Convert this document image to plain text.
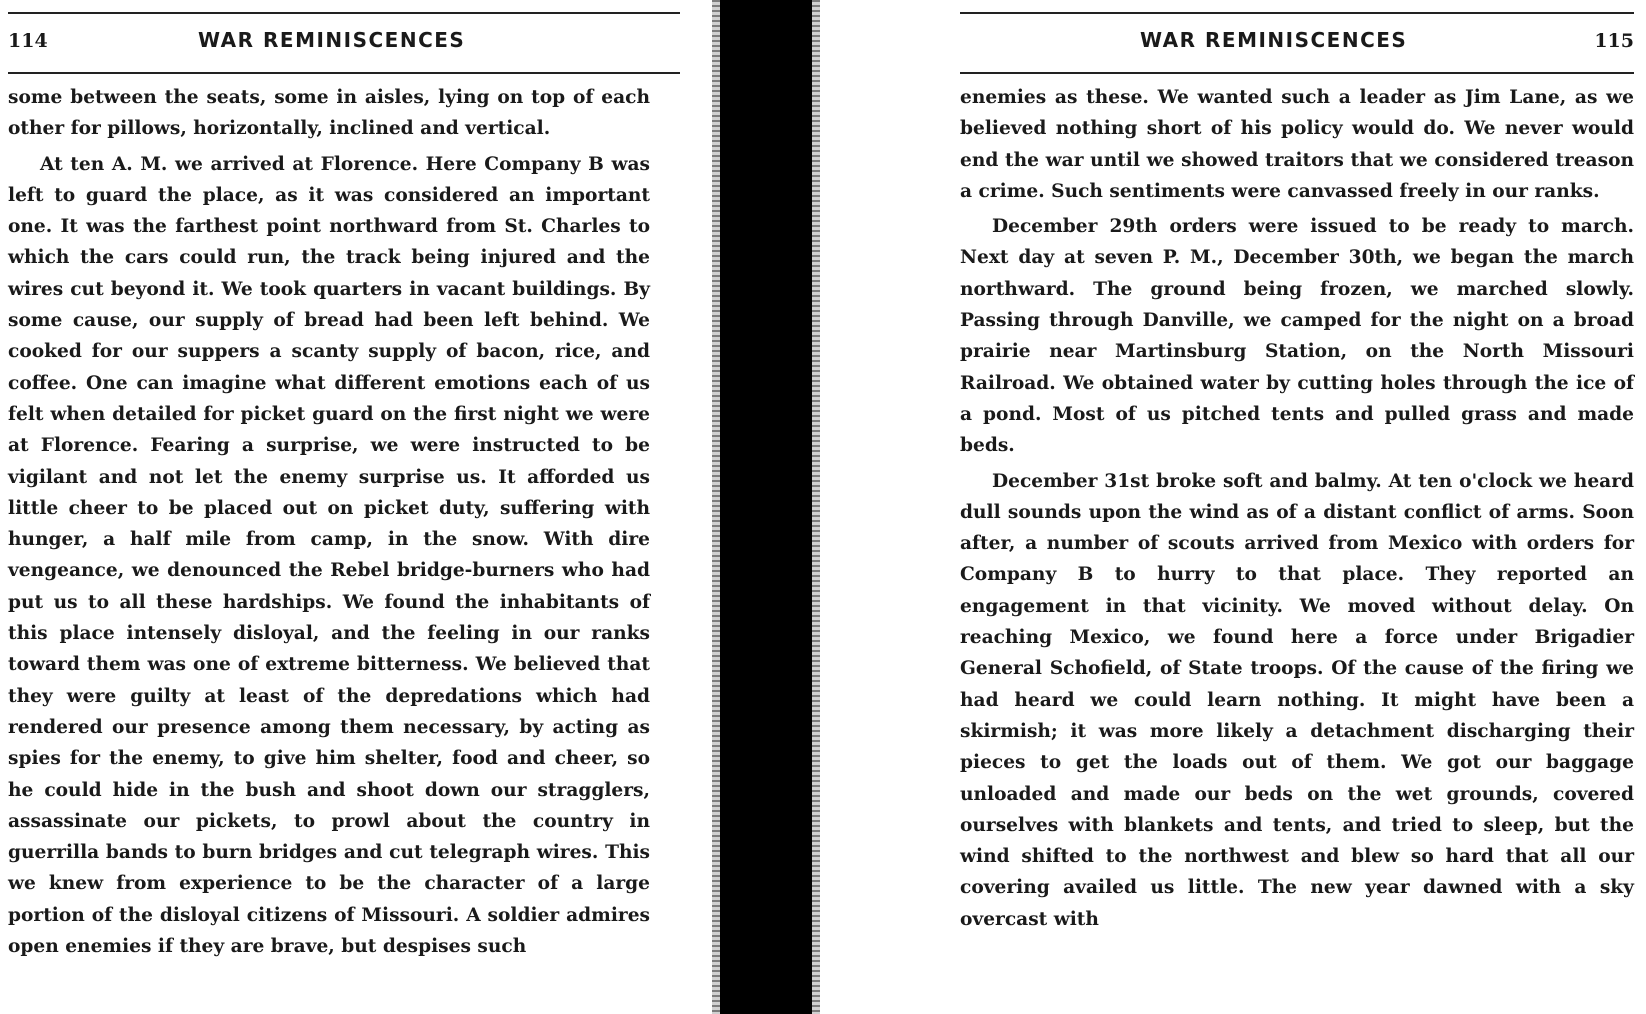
114	WAR REMINISCENCES

some between the seats, some in aisles, lying on top of each other for pillows, horizontally, inclined and vertical.

At ten A. M. we arrived at Florence. Here Company B was left to guard the place, as it was considered an important one. It was the farthest point northward from St. Charles to which the cars could run, the track being injured and the wires cut beyond it. We took quarters in vacant buildings. By some cause, our supply of bread had been left behind. We cooked for our suppers a scanty supply of bacon, rice, and coffee. One can imagine what different emotions each of us felt when detailed for picket guard on the first night we were at Florence. Fearing a surprise, we were instructed to be vigilant and not let the enemy surprise us. It afforded us little cheer to be placed out on picket duty, suffering with hunger, a half mile from camp, in the snow. With dire vengeance, we denounced the Rebel bridge-burners who had put us to all these hardships. We found the inhabitants of this place intensely disloyal, and the feeling in our ranks toward them was one of extreme bitterness. We believed that they were guilty at least of the depredations which had rendered our presence among them necessary, by acting as spies for the enemy, to give him shelter, food and cheer, so he could hide in the bush and shoot down our stragglers, assassinate our pickets, to prowl about the country in guerrilla bands to burn bridges and cut telegraph wires. This we knew from experience to be the character of a large portion of the disloyal citizens of Missouri. A soldier admires open enemies if they are brave, but despises such

WAR REMINISCENCES	115

enemies as these. We wanted such a leader as Jim Lane, as we believed nothing short of his policy would do. We never would end the war until we showed traitors that we considered treason a crime. Such sentiments were canvassed freely in our ranks.

December 29th orders were issued to be ready to march. Next day at seven P. M., December 30th, we began the march northward. The ground being frozen, we marched slowly. Passing through Danville, we camped for the night on a broad prairie near Martinsburg Station, on the North Missouri Railroad. We obtained water by cutting holes through the ice of a pond. Most of us pitched tents and pulled grass and made beds.

December 31st broke soft and balmy. At ten o'clock we heard dull sounds upon the wind as of a distant conflict of arms. Soon after, a number of scouts arrived from Mexico with orders for Company B to hurry to that place. They reported an engagement in that vicinity. We moved without delay. On reaching Mexico, we found here a force under Brigadier General Schofield, of State troops. Of the cause of the firing we had heard we could learn nothing. It might have been a skirmish; it was more likely a detachment discharging their pieces to get the loads out of them. We got our baggage unloaded and made our beds on the wet grounds, covered ourselves with blankets and tents, and tried to sleep, but the wind shifted to the northwest and blew so hard that all our covering availed us little. The new year dawned with a sky overcast with
